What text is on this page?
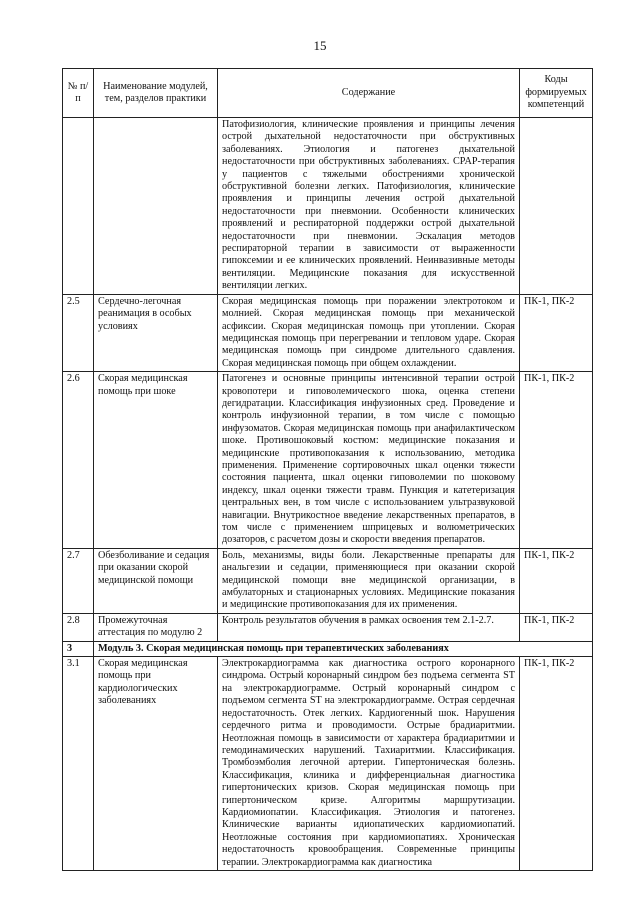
15
№ п/п	Наименование модулей, тем, разделов практики	Содержание	Коды формируемых компетенций
		Патофизиология, клинические проявления и принципы лечения острой дыхательной недостаточности при обструктивных заболеваниях. Этиология и патогенез дыхательной недостаточности при обструктивных заболеваниях. CPAP-терапия у пациентов с тяжелыми обострениями хронической обструктивной болезни легких. Патофизиология, клинические проявления и принципы лечения острой дыхательной недостаточности при пневмонии. Особенности клинических проявлений и респираторной поддержки острой дыхательной недостаточности при пневмонии. Эскалация методов респираторной терапии в зависимости от выраженности гипоксемии и ее клинических проявлений. Неинвазивные методы вентиляции. Медицинские показания для искусственной вентиляции легких.	
2.5	Сердечно-легочная реанимация в особых условиях	Скорая медицинская помощь при поражении электротоком и молнией. Скорая медицинская помощь при механической асфиксии. Скорая медицинская помощь при утоплении. Скорая медицинская помощь при перегревании и тепловом ударе. Скорая медицинская помощь при синдроме длительного сдавления. Скорая медицинская помощь при общем охлаждении.	ПК-1, ПК-2
2.6	Скорая медицинская помощь при шоке	Патогенез и основные принципы интенсивной терапии острой кровопотери и гиповолемического шока, оценка степени дегидратации. Классификация инфузионных сред. Проведение и контроль инфузионной терапии, в том числе с помощью инфузоматов. Скорая медицинская помощь при анафилактическом шоке. Противошоковый костюм: медицинские показания и медицинские противопоказания к использованию, методика применения. Применение сортировочных шкал оценки тяжести состояния пациента, шкал оценки гиповолемии по шоковому индексу, шкал оценки тяжести травм. Пункция и катетеризация центральных вен, в том числе с использованием ультразвуковой навигации. Внутрикостное введение лекарственных препаратов, в том числе с применением шприцевых и волюметрических дозаторов, с расчетом дозы и скорости введения препаратов.	ПК-1, ПК-2
2.7	Обезболивание и седация при оказании скорой медицинской помощи	Боль, механизмы, виды боли. Лекарственные препараты для анальгезии и седации, применяющиеся при оказании скорой медицинской помощи вне медицинской организации, в амбулаторных и стационарных условиях. Медицинские показания и медицинские противопоказания для их применения.	ПК-1, ПК-2
2.8	Промежуточная аттестация по модулю 2	Контроль результатов обучения в рамках освоения тем 2.1-2.7.	ПК-1, ПК-2
3	Модуль 3. Скорая медицинская помощь при терапевтических заболеваниях		
3.1	Скорая медицинская помощь при кардиологических заболеваниях	Электрокардиограмма как диагностика острого коронарного синдрома. Острый коронарный синдром без подъема сегмента ST на электрокардиограмме. Острый коронарный синдром с подъемом сегмента ST на электрокардиограмме. Острая сердечная недостаточность. Отек легких. Кардиогенный шок. Нарушения сердечного ритма и проводимости. Острые брадиаритмии. Неотложная помощь в зависимости от характера брадиаритмии и гемодинамических нарушений. Тахиаритмии. Классификация. Тромбоэмболия легочной артерии. Гипертоническая болезнь. Классификация, клиника и дифференциальная диагностика гипертонических кризов. Скорая медицинская помощь при гипертоническом кризе. Алгоритмы маршрутизации. Кардиомиопатии. Классификация. Этиология и патогенез. Клинические варианты идиопатических кардиомиопатий. Неотложные состояния при кардиомиопатиях. Хроническая недостаточность кровообращения. Современные принципы терапии. Электрокардиограмма как диагностика	ПК-1, ПК-2
